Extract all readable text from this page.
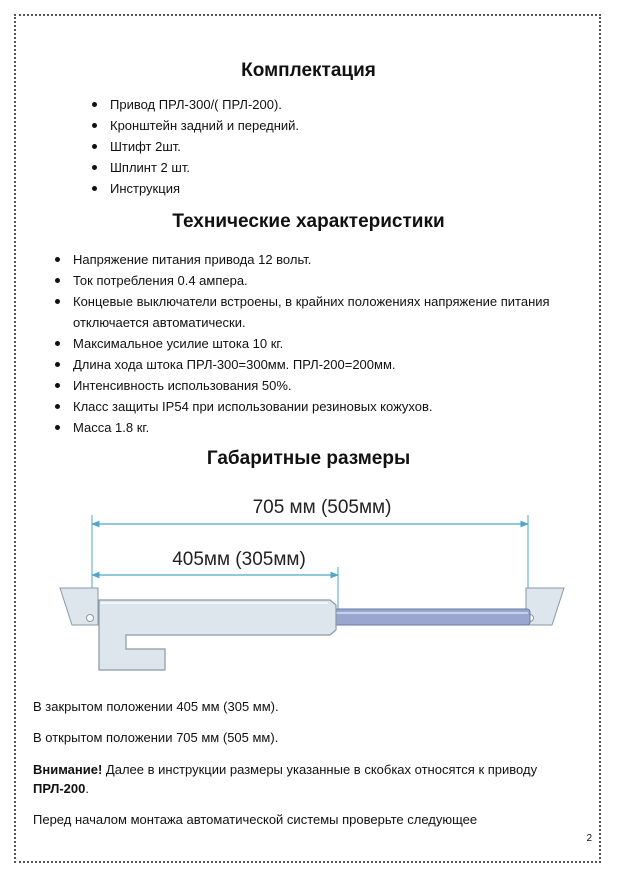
Комплектация
Привод ПРЛ-300/( ПРЛ-200).
Кронштейн задний и передний.
Штифт 2шт.
Шплинт 2 шт.
Инструкция
Технические характеристики
Напряжение питания привода 12 вольт.
Ток потребления 0.4 ампера.
Концевые выключатели встроены, в крайних положениях напряжение питания отключается автоматически.
Максимальное усилие штока 10 кг.
Длина хода штока ПРЛ-300=300мм. ПРЛ-200=200мм.
Интенсивность использования 50%.
Класс защиты IP54 при использовании резиновых кожухов.
Масса 1.8 кг.
Габаритные размеры
705 мм (505мм)
405мм (305мм)
В закрытом положении 405 мм (305 мм).
В открытом положении 705 мм (505 мм).
Внимание! Далее в инструкции размеры указанные в скобках относятся к приводу ПРЛ-200.
Перед началом монтажа автоматической системы проверьте следующее
2
